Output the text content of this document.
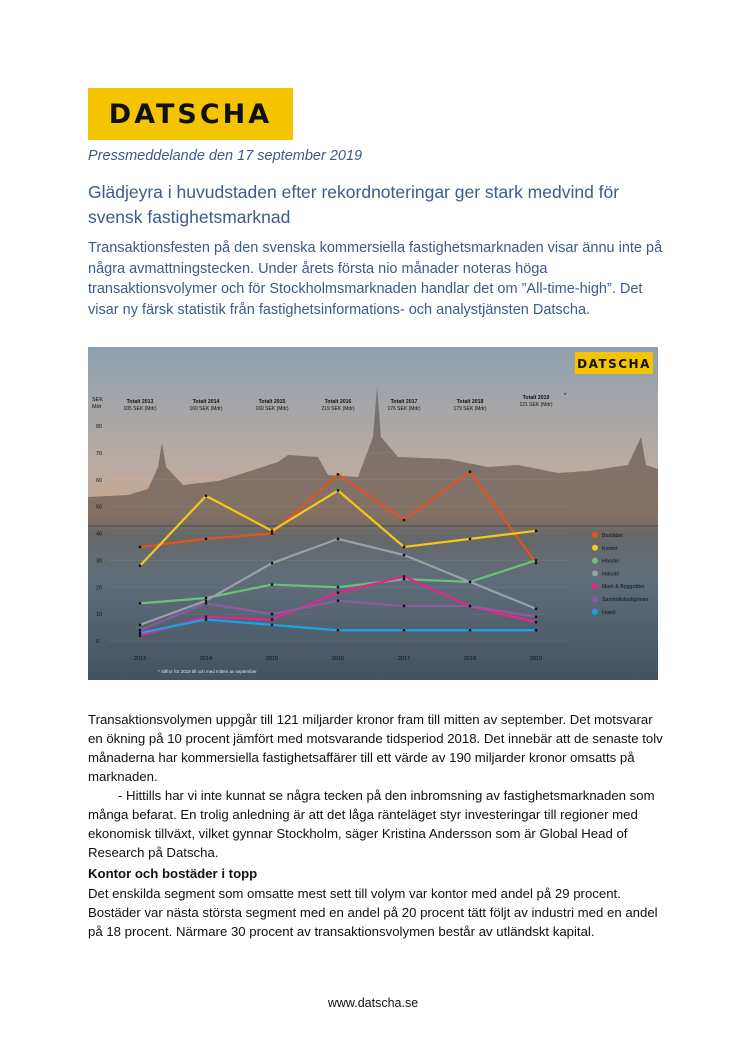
DATSCHA
Pressmeddelande den 17 september 2019
Glädjeyra i huvudstaden efter rekordnoteringar ger stark medvind för svensk fastighetsmarknad
Transaktionsfesten på den svenska kommersiella fastighetsmarknaden visar ännu inte på några avmattningstecken. Under årets första nio månader noteras höga transaktionsvolymer och för Stockholmsmarknaden handlar det om ”All-time-high”. Det visar ny färsk statistik från fastighetsinformations- och analystjänsten Datscha.
DATSCHA
SEK
Mdr
0
10
20
30
40
50
60
70
80
Totalt 2013
105 SEK (Mdr)
Totalt 2014
160 SEK (Mdr)
Totalt 2015
160 SEK (Mdr)
Totalt 2016
219 SEK (Mdr)
Totalt 2017
176 SEK (Mdr)
Totalt 2018
179 SEK (Mdr)
Totalt 2019
121 SEK (Mdr)
*
2013	2014	2015	2016	2017	2018	2019
Bostäder
Kontor
Handel
Industri
Mark & Byggrätter
Samhällsfastigheter
Hotell
* Siffror för 2019 till och med mitten av september

Transaktionsvolymen uppgår till 121 miljarder kronor fram till mitten av september. Det motsvarar en ökning på 10 procent jämfört med motsvarande tidsperiod 2018. Det innebär att de senaste tolv månaderna har kommersiella fastighetsaffärer till ett värde av 190 miljarder kronor omsatts på marknaden.

- Hittills har vi inte kunnat se några tecken på den inbromsning av fastighetsmarknaden som många befarat. En trolig anledning är att det låga ränteläget styr investeringar till regioner med ekonomisk tillväxt, vilket gynnar Stockholm, säger Kristina Andersson som är Global Head of Research på Datscha.

Kontor och bostäder i topp
Det enskilda segment som omsatte mest sett till volym var kontor med andel på 29 procent. Bostäder var nästa största segment med en andel på 20 procent tätt följt av industri med en andel på 18 procent. Närmare 30 procent av transaktionsvolymen består av utländskt kapital.
www.datscha.se
